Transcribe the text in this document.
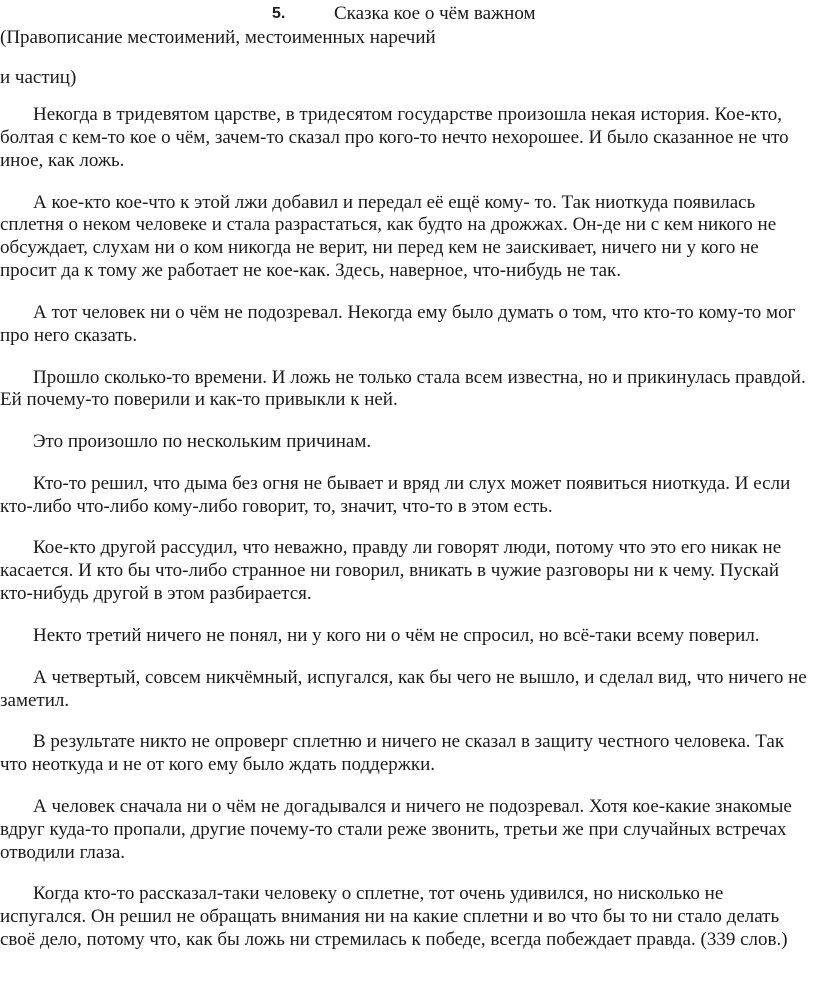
5.	Сказка кое о чём важном
(Правописание местоимений, местоименных наречий
и частиц)

Некогда в тридевятом царстве, в тридесятом государстве произошла некая история. Кое-кто, болтая с кем-то кое о чём, зачем-то сказал про кого-то нечто нехорошее. И было сказанное не что иное, как ложь.

А кое-кто кое-что к этой лжи добавил и передал её ещё кому- то. Так ниоткуда появилась сплетня о неком человеке и стала разрастаться, как будто на дрожжах. Он-де ни с кем никого не обсуждает, слухам ни о ком никогда не верит, ни перед кем не заискивает, ничего ни у кого не просит да к тому же работает не кое-как. Здесь, наверное, что-нибудь не так.

А тот человек ни о чём не подозревал. Некогда ему было думать о том, что кто-то кому-то мог про него сказать.

Прошло сколько-то времени. И ложь не только стала всем известна, но и прикинулась правдой. Ей почему-то поверили и как-то привыкли к ней.

Это произошло по нескольким причинам.

Кто-то решил, что дыма без огня не бывает и вряд ли слух может появиться ниоткуда. И если кто-либо что-либо кому-либо говорит, то, значит, что-то в этом есть.

Кое-кто другой рассудил, что неважно, правду ли говорят люди, потому что это его никак не касается. И кто бы что-либо странное ни говорил, вникать в чужие разговоры ни к чему. Пускай кто-нибудь другой в этом разбирается.

Некто третий ничего не понял, ни у кого ни о чём не спросил, но всё-таки всему поверил.

А четвертый, совсем никчёмный, испугался, как бы чего не вышло, и сделал вид, что ничего не заметил.

В результате никто не опроверг сплетню и ничего не сказал в защиту честного человека. Так что неоткуда и не от кого ему было ждать поддержки.

А человек сначала ни о чём не догадывался и ничего не подозревал. Хотя кое-какие знакомые вдруг куда-то пропали, другие почему-то стали реже звонить, третьи же при случайных встречах отводили глаза.

Когда кто-то рассказал-таки человеку о сплетне, тот очень удивился, но нисколько не испугался. Он решил не обращать внимания ни на какие сплетни и во что бы то ни стало делать своё дело, потому что, как бы ложь ни стремилась к победе, всегда побеждает правда. (339 слов.)
